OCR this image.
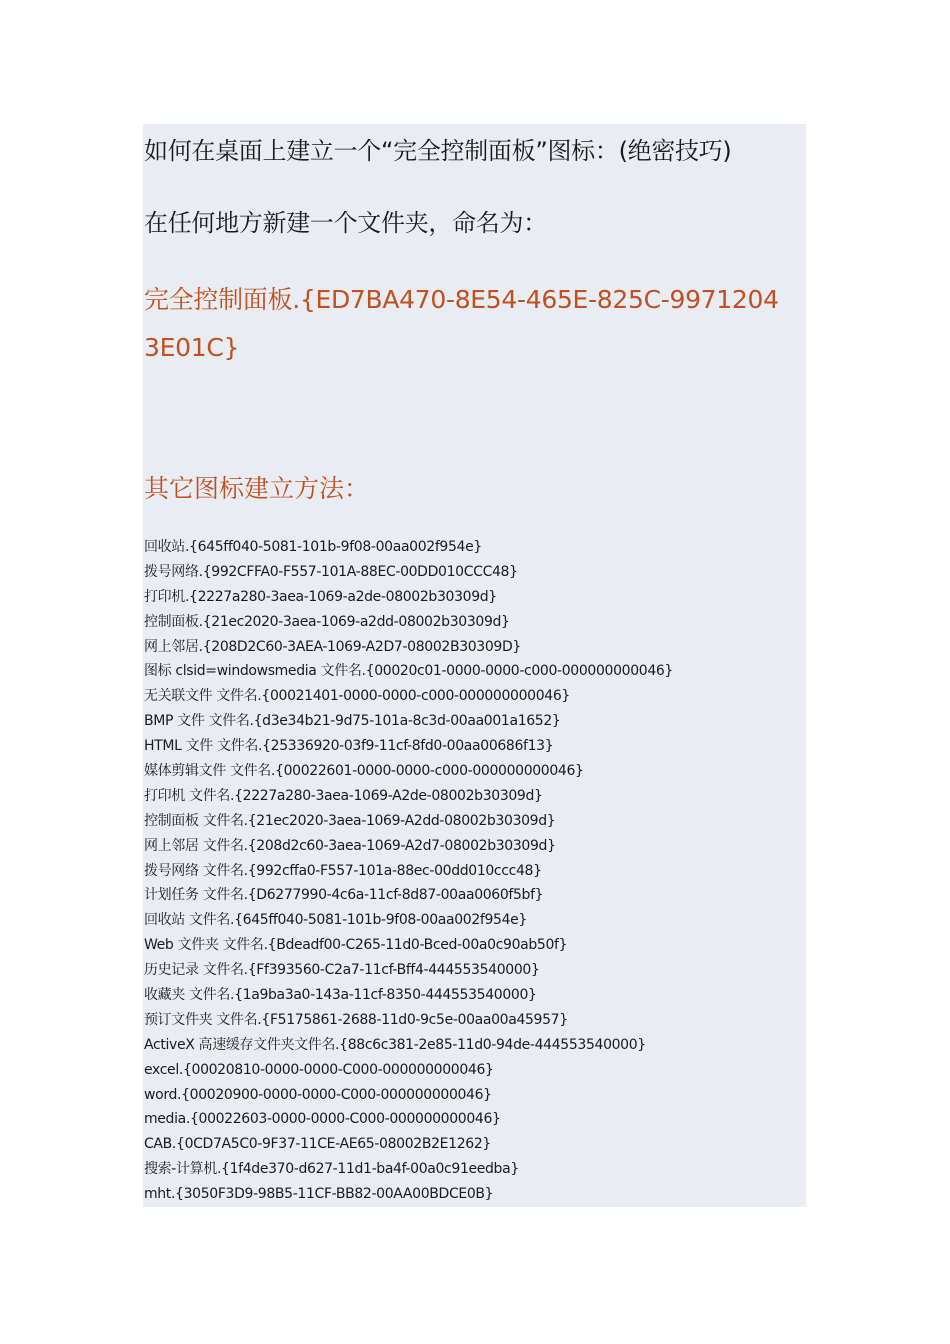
如何在桌面上建立一个“完全控制面板”图标：(绝密技巧)
在任何地方新建一个文件夹，命名为：
完全控制面板.{ED7BA470-8E54-465E-825C-99712043E01C}
其它图标建立方法：
回收站.{645ff040-5081-101b-9f08-00aa002f954e}
拨号网络.{992CFFA0-F557-101A-88EC-00DD010CCC48}
打印机.{2227a280-3aea-1069-a2de-08002b30309d}
控制面板.{21ec2020-3aea-1069-a2dd-08002b30309d}
网上邻居.{208D2C60-3AEA-1069-A2D7-08002B30309D}
图标 clsid=windowsmedia 文件名.{00020c01-0000-0000-c000-000000000046}
无关联文件 文件名.{00021401-0000-0000-c000-000000000046}
BMP 文件 文件名.{d3e34b21-9d75-101a-8c3d-00aa001a1652}
HTML 文件 文件名.{25336920-03f9-11cf-8fd0-00aa00686f13}
媒体剪辑文件 文件名.{00022601-0000-0000-c000-000000000046}
打印机 文件名.{2227a280-3aea-1069-A2de-08002b30309d}
控制面板 文件名.{21ec2020-3aea-1069-A2dd-08002b30309d}
网上邻居 文件名.{208d2c60-3aea-1069-A2d7-08002b30309d}
拨号网络 文件名.{992cffa0-F557-101a-88ec-00dd010ccc48}
计划任务 文件名.{D6277990-4c6a-11cf-8d87-00aa0060f5bf}
回收站 文件名.{645ff040-5081-101b-9f08-00aa002f954e}
Web 文件夹 文件名.{Bdeadf00-C265-11d0-Bced-00a0c90ab50f}
历史记录 文件名.{Ff393560-C2a7-11cf-Bff4-444553540000}
收藏夹 文件名.{1a9ba3a0-143a-11cf-8350-444553540000}
预订文件夹 文件名.{F5175861-2688-11d0-9c5e-00aa00a45957}
ActiveX 高速缓存文件夹文件名.{88c6c381-2e85-11d0-94de-444553540000}
excel.{00020810-0000-0000-C000-000000000046}
word.{00020900-0000-0000-C000-000000000046}
media.{00022603-0000-0000-C000-000000000046}
CAB.{0CD7A5C0-9F37-11CE-AE65-08002B2E1262}
搜索-计算机.{1f4de370-d627-11d1-ba4f-00a0c91eedba}
mht.{3050F3D9-98B5-11CF-BB82-00AA00BDCE0B}
